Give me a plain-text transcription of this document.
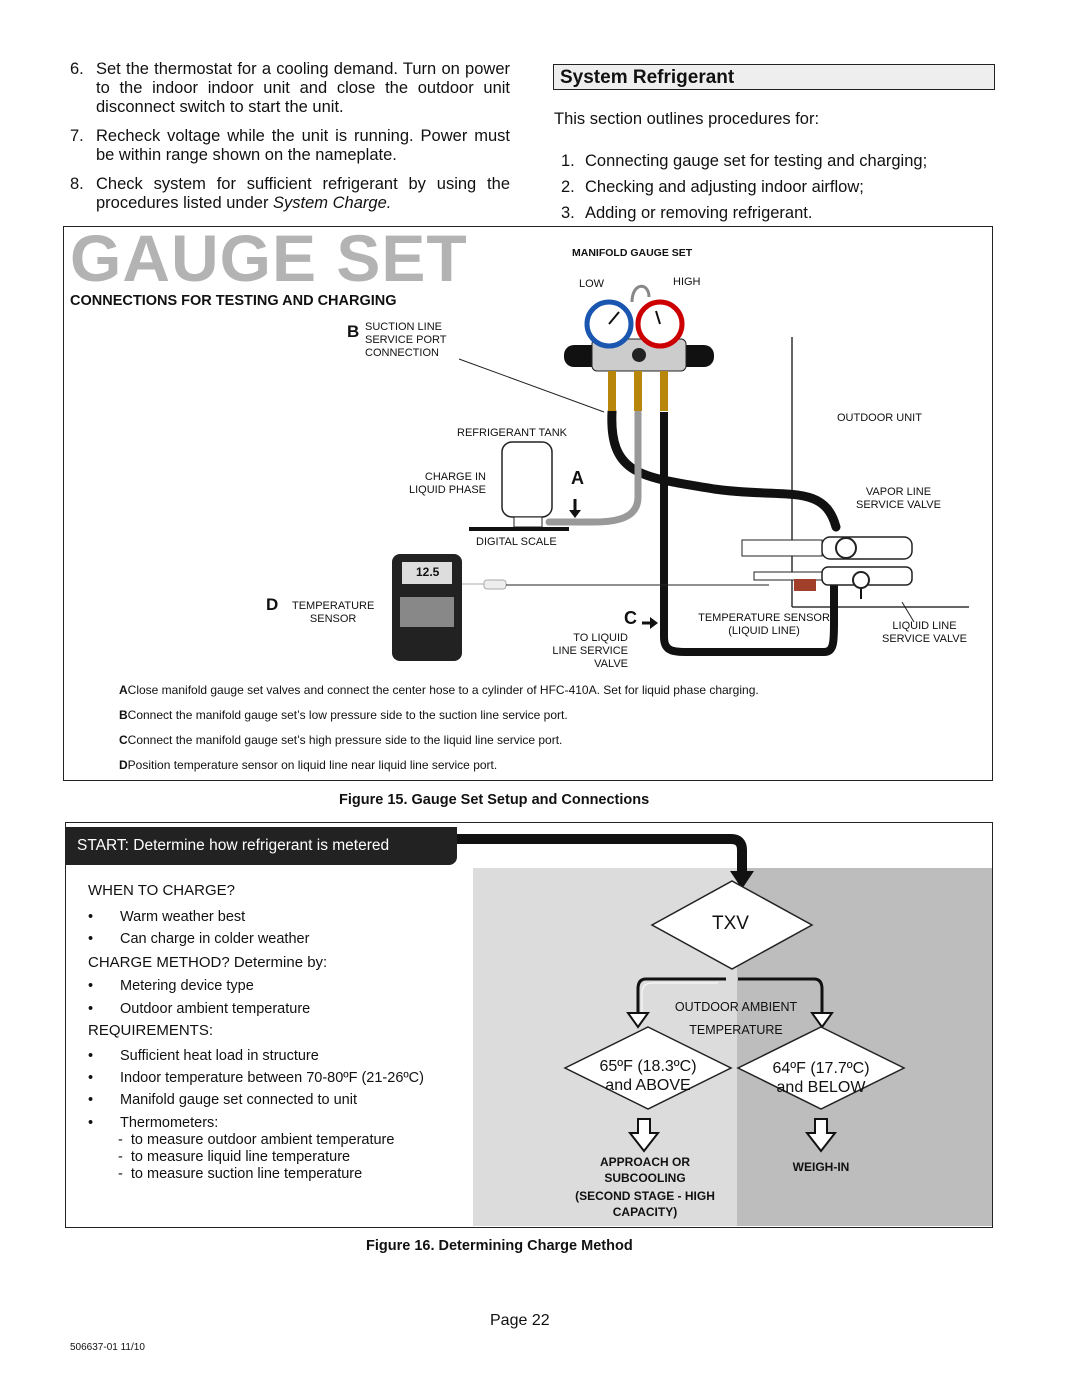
6. Set the thermostat for a cooling demand. Turn on power to the indoor indoor unit and close the outdoor unit disconnect switch to start the unit.
7. Recheck voltage while the unit is running. Power must be within range shown on the nameplate.
8. Check system for sufficient refrigerant by using the procedures listed under System Charge.
System Refrigerant
This section outlines procedures for:
1. Connecting gauge set for testing and charging;
2. Checking and adjusting indoor airflow;
3. Adding or removing refrigerant.
GAUGE SET
CONNECTIONS FOR TESTING AND CHARGING
12.5
MANIFOLD GAUGE SET
LOW	HIGH
B SUCTION LINE
SERVICE PORT
CONNECTION
REFRIGERANT TANK
CHARGE IN
LIQUID PHASE
A
DIGITAL SCALE
D TEMPERATURE
SENSOR	C
TO LIQUID
LINE SERVICE
VALVE
OUTDOOR UNIT
VAPOR LINE
SERVICE VALVE
TEMPERATURE SENSOR
(LIQUID LINE)	LIQUID LINE
SERVICE VALVE
AClose manifold gauge set valves and connect the center hose to a cylinder of HFC-410A. Set for liquid phase charging.
BConnect the manifold gauge set’s low pressure side to the suction line service port.
CConnect the manifold gauge set’s high pressure side to the liquid line service port.
DPosition temperature sensor on liquid line near liquid line service port.
Figure 15. Gauge Set Setup and Connections
START: Determine how refrigerant is metered
WHEN TO CHARGE?
• Warm weather best
• Can charge in colder weather
CHARGE METHOD? Determine by:
• Metering device type
• Outdoor ambient temperature
REQUIREMENTS:
• Sufficient heat load in structure
• Indoor temperature between 70-80ºF (21-26ºC)
• Manifold gauge set connected to unit
• Thermometers:
-  to measure outdoor ambient temperature
-  to measure liquid line temperature
-  to measure suction line temperature
TXV
OUTDOOR AMBIENT
TEMPERATURE
65ºF (18.3ºC)
and ABOVE
64ºF (17.7ºC)
and BELOW
APPROACH OR
SUBCOOLING
(SECOND STAGE - HIGH
CAPACITY)
WEIGH-IN
Figure 16. Determining Charge Method
Page 22
506637-01 11/10
